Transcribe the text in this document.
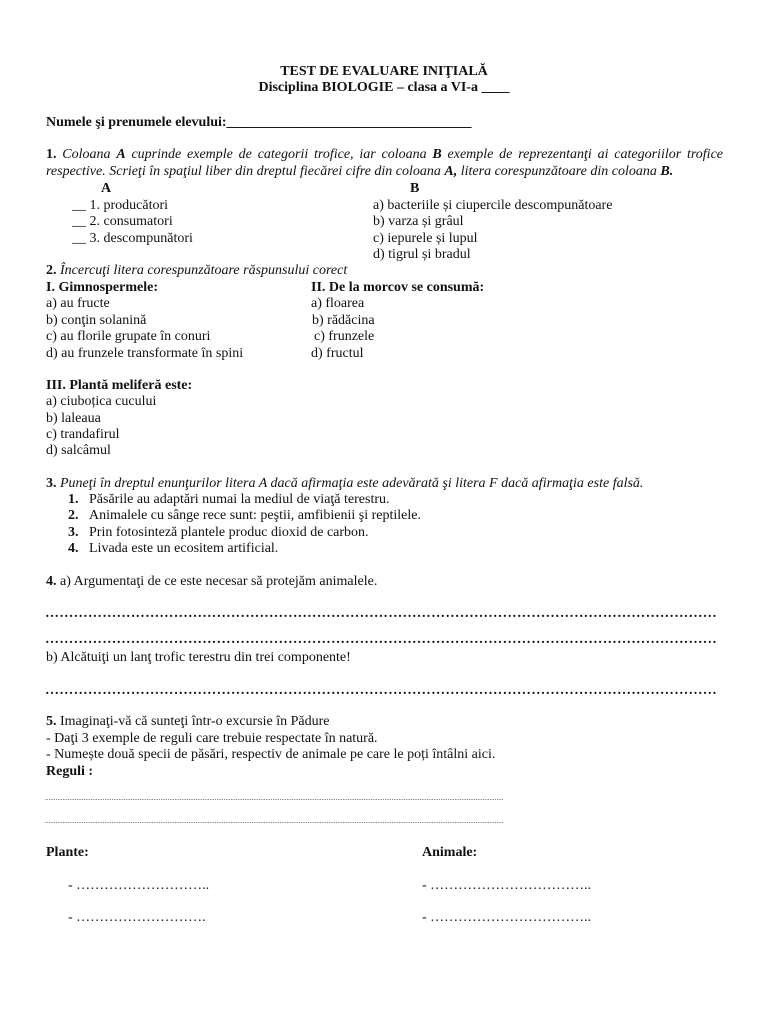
TEST DE EVALUARE INIŢIALĂ
Disciplina BIOLOGIE – clasa a VI-a ____
Numele şi prenumele elevului:___________________________________
1. Coloana A cuprinde exemple de categorii trofice, iar coloana B exemple de reprezentanţi ai categoriilor trofice
respective. Scrieţi în spaţiul liber din dreptul fiecărei cifre din coloana A, litera corespunzătoare din coloana B.
A	B
__ 1. producători
__ 2. consumatori
__ 3. descompunători
a) bacteriile și ciupercile descompunătoare
b) varza și grâul
c) iepurele și lupul
d) tigrul și bradul
2. Încercuţi litera corespunzătoare răspunsului corect
I. Gimnospermele:
a) au fructe
b) conţin solanină
c) au florile grupate în conuri
d) au frunzele transformate în spini
II. De la morcov se consumă:
a) floarea
b) rădăcina
c) frunzele
d) fructul
III. Plantă meliferă este:
a) ciuboțica cucului
b) laleaua
c) trandafirul
d) salcâmul
3. Puneţi în dreptul enunţurilor litera A dacă afirmaţia este adevărată şi litera F dacă afirmaţia este falsă.
1. Păsările au adaptări numai la mediul de viaţă terestru.
2. Animalele cu sânge rece sunt: peştii, amfibienii şi reptilele.
3. Prin fotosinteză plantele produc dioxid de carbon.
4. Livada este un ecositem artificial.
4. a) Argumentaţi de ce este necesar să protejăm animalele.
……………………………………………………………………………………………………………………………
……………………………………………………………………………………………………………………………
b) Alcătuiţi un lanţ trofic terestru din trei componente!
……………………………………………………………………………………………………………………………
5. Imaginaţi-vă că sunteţi într-o excursie în Pădure
- Daţi 3 exemple de reguli care trebuie respectate în natură.
- Numește două specii de păsări, respectiv de animale pe care le poți întâlni aici.
Reguli :
......................................................................................................................................................................................................................................................................
......................................................................................................................................................................................................................................................................
Plante:	Animale:
- ………………………..
- ……………………….
- ……………………………..
- ……………………………..
